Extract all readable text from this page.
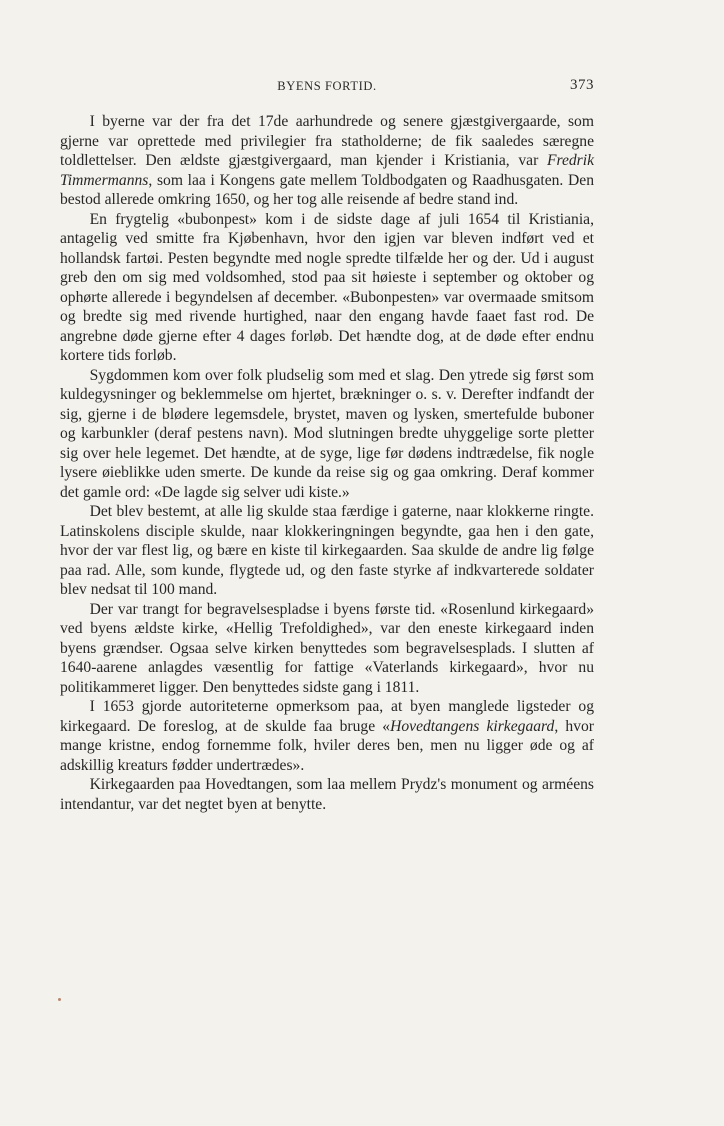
BYENS FORTID.	373

I byerne var der fra det 17de aarhundrede og senere gjæstgivergaarde, som gjerne var oprettede med privilegier fra statholderne; de fik saaledes særegne toldlettelser. Den ældste gjæstgivergaard, man kjender i Kristiania, var Fredrik Timmermanns, som laa i Kongens gate mellem Toldbodgaten og Raadhusgaten. Den bestod allerede omkring 1650, og her tog alle reisende af bedre stand ind.

En frygtelig «bubonpest» kom i de sidste dage af juli 1654 til Kristiania, antagelig ved smitte fra Kjøbenhavn, hvor den igjen var bleven indført ved et hollandsk fartøi. Pesten begyndte med nogle spredte tilfælde her og der. Ud i august greb den om sig med voldsomhed, stod paa sit høieste i september og oktober og ophørte allerede i begyndelsen af december. «Bubonpesten» var overmaade smitsom og bredte sig med rivende hurtighed, naar den engang havde faaet fast rod. De angrebne døde gjerne efter 4 dages forløb. Det hændte dog, at de døde efter endnu kortere tids forløb.

Sygdommen kom over folk pludselig som med et slag. Den ytrede sig først som kuldegysninger og beklemmelse om hjertet, brækninger o. s. v. Derefter indfandt der sig, gjerne i de blødere legemsdele, brystet, maven og lysken, smertefulde buboner og karbunkler (deraf pestens navn). Mod slutningen bredte uhyggelige sorte pletter sig over hele legemet. Det hændte, at de syge, lige før dødens indtrædelse, fik nogle lysere øieblikke uden smerte. De kunde da reise sig og gaa omkring. Deraf kommer det gamle ord: «De lagde sig selver udi kiste.»

Det blev bestemt, at alle lig skulde staa færdige i gaterne, naar klokkerne ringte. Latinskolens disciple skulde, naar klokkeringningen begyndte, gaa hen i den gate, hvor der var flest lig, og bære en kiste til kirkegaarden. Saa skulde de andre lig følge paa rad. Alle, som kunde, flygtede ud, og den faste styrke af indkvarterede soldater blev nedsat til 100 mand.

Der var trangt for begravelsespladse i byens første tid. «Rosenlund kirkegaard» ved byens ældste kirke, «Hellig Trefoldighed», var den eneste kirkegaard inden byens grændser. Ogsaa selve kirken benyttedes som begravelsesplads. I slutten af 1640-aarene anlagdes væsentlig for fattige «Vaterlands kirkegaard», hvor nu politikammeret ligger. Den benyttedes sidste gang i 1811.

I 1653 gjorde autoriteterne opmerksom paa, at byen manglede ligsteder og kirkegaard. De foreslog, at de skulde faa bruge «Hovedtangens kirkegaard, hvor mange kristne, endog fornemme folk, hviler deres ben, men nu ligger øde og af adskillig kreaturs fødder undertrædes».

Kirkegaarden paa Hovedtangen, som laa mellem Prydz's monument og arméens intendantur, var det negtet byen at benytte.
